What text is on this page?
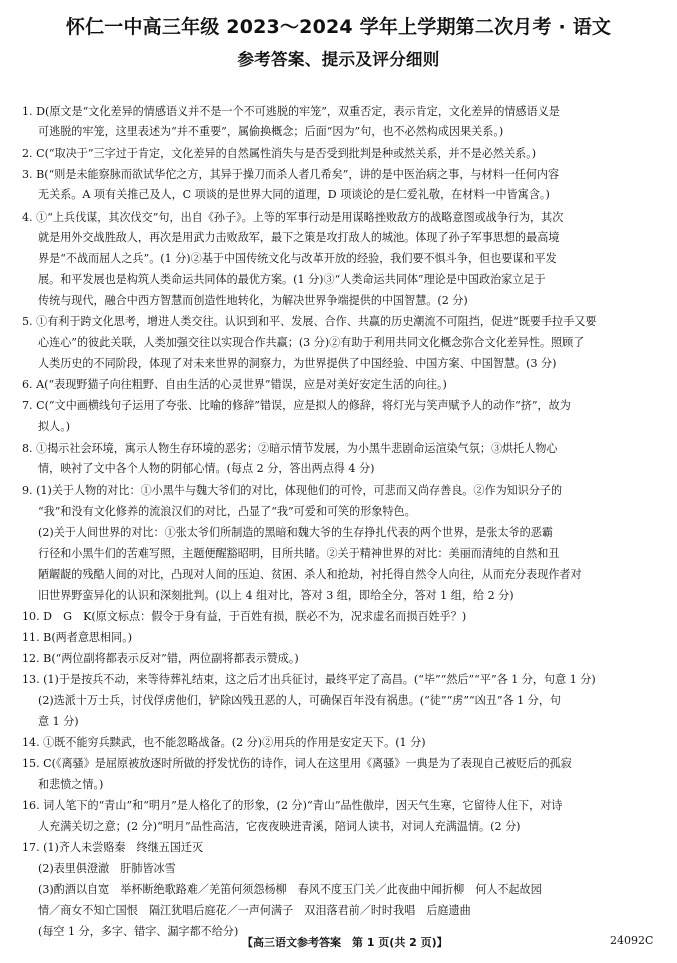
怀仁一中高三年级 2023～2024 学年上学期第二次月考 · 语文
参考答案、提示及评分细则
1. D(原文是“文化差异的情感语义并不是一个不可逃脱的牢笼”，双重否定，表示肯定，文化差异的情感语义是
可逃脱的牢笼，这里表述为“并不重要”，属偷换概念；后面“因为”句，也不必然构成因果关系。)
2. C(“取决于”三字过于肯定，文化差异的自然属性消失与是否受到批判是种或然关系，并不是必然关系。)
3. B(“则是未能察脉而欲试华佗之方，其异于操刀而杀人者几希矣”，讲的是中医治病之事，与材料一任何内容
无关系。A 项有关推己及人，C 项谈的是世界大同的道理，D 项谈论的是仁爱礼敬，在材料一中皆寓含。)
4. ①“上兵伐谋，其次伐交”句，出自《孙子》。上等的军事行动是用谋略挫败敌方的战略意图或战争行为，其次
就是用外交战胜敌人，再次是用武力击败敌军，最下之策是攻打敌人的城池。体现了孙子军事思想的最高境
界是“不战而屈人之兵”。(1 分)②基于中国传统文化与改革开放的经验，我们要不惧斗争，但也要谋和平发
展。和平发展也是构筑人类命运共同体的最优方案。(1 分)③“人类命运共同体”理论是中国政治家立足于
传统与现代，融合中西方智慧而创造性地转化，为解决世界争端提供的中国智慧。(2 分)
5. ①有利于跨文化思考，增进人类交往。认识到和平、发展、合作、共赢的历史潮流不可阻挡，促进“既要手拉手又要
心连心”的彼此关联，人类加强交往以实现合作共赢；(3 分)②有助于利用共同文化概念弥合文化差异性。照顾了
人类历史的不同阶段，体现了对未来世界的洞察力，为世界提供了中国经验、中国方案、中国智慧。(3 分)
6. A(“表现野猫子向往粗野、自由生活的心灵世界”错误，应是对美好安定生活的向往。)
7. C(“文中画横线句子运用了夸张、比喻的修辞”错误，应是拟人的修辞，将灯光与笑声赋予人的动作“挤”，故为
拟人。)
8. ①揭示社会环境，寓示人物生存环境的恶劣；②暗示情节发展，为小黑牛悲剧命运渲染气氛；③烘托人物心
情，映衬了文中各个人物的阴郁心情。(每点 2 分，答出两点得 4 分)
9. (1)关于人物的对比：①小黑牛与魏大爷们的对比，体现他们的可怜，可悲而又尚存善良。②作为知识分子的
“我”和没有文化修养的流浪汉们的对比，凸显了“我”可爱和可笑的形象特色。
(2)关于人间世界的对比：①张太爷们所制造的黑暗和魏大爷的生存挣扎代表的两个世界，是张太爷的恶霸
行径和小黑牛们的苦难写照，主题便醒豁昭明，目所共睹。②关于精神世界的对比：美丽而清纯的自然和丑
陋龌龊的残酷人间的对比，凸现对人间的压迫、贫困、杀人和抢劫，衬托得自然令人向往，从而充分表现作者对
旧世界野蛮异化的认识和深刻批判。(以上 4 组对比，答对 3 组，即给全分，答对 1 组，给 2 分)
10. D　G　K(原文标点：假令于身有益，于百姓有损，朕必不为，况求虚名而损百姓乎？)
11. B(两者意思相同。)
12. B(“两位副将都表示反对”错，两位副将都表示赞成。)
13. (1)于是按兵不动，来等待葬礼结束，这之后才出兵征讨，最终平定了高昌。(“毕”“然后”“平”各 1 分，句意 1 分)
(2)选派十万士兵，讨伐俘虏他们，铲除凶残丑恶的人，可确保百年没有祸患。(“徒”“虏”“凶丑”各 1 分，句
意 1 分)
14. ①既不能穷兵黩武，也不能忽略战备。(2 分)②用兵的作用是安定天下。(1 分)
15. C(《离骚》是屈原被放逐时所做的抒发忧伤的诗作，词人在这里用《离骚》一典是为了表现自己被贬后的孤寂
和悲愤之情。)
16. 词人笔下的“青山”和“明月”是人格化了的形象，(2 分)“青山”品性傲岸，因天气生寒，它留待人住下，对诗
人充满关切之意；(2 分)“明月”品性高洁，它夜夜映进青溪，陪词人读书，对词人充满温情。(2 分)
17. (1)齐人未尝赂秦　终继五国迁灭
(2)表里俱澄澈　肝肺皆冰雪
(3)酌酒以自宽　举杯断绝歌路难／羌笛何须怨杨柳　春风不度玉门关／此夜曲中闻折柳　何人不起故园
情／商女不知亡国恨　隔江犹唱后庭花／一声何满子　双泪落君前／时时我唱　后庭遗曲
(每空 1 分，多字、错字、漏字都不给分)
【高三语文参考答案　第 1 页(共 2 页)】	24092C
